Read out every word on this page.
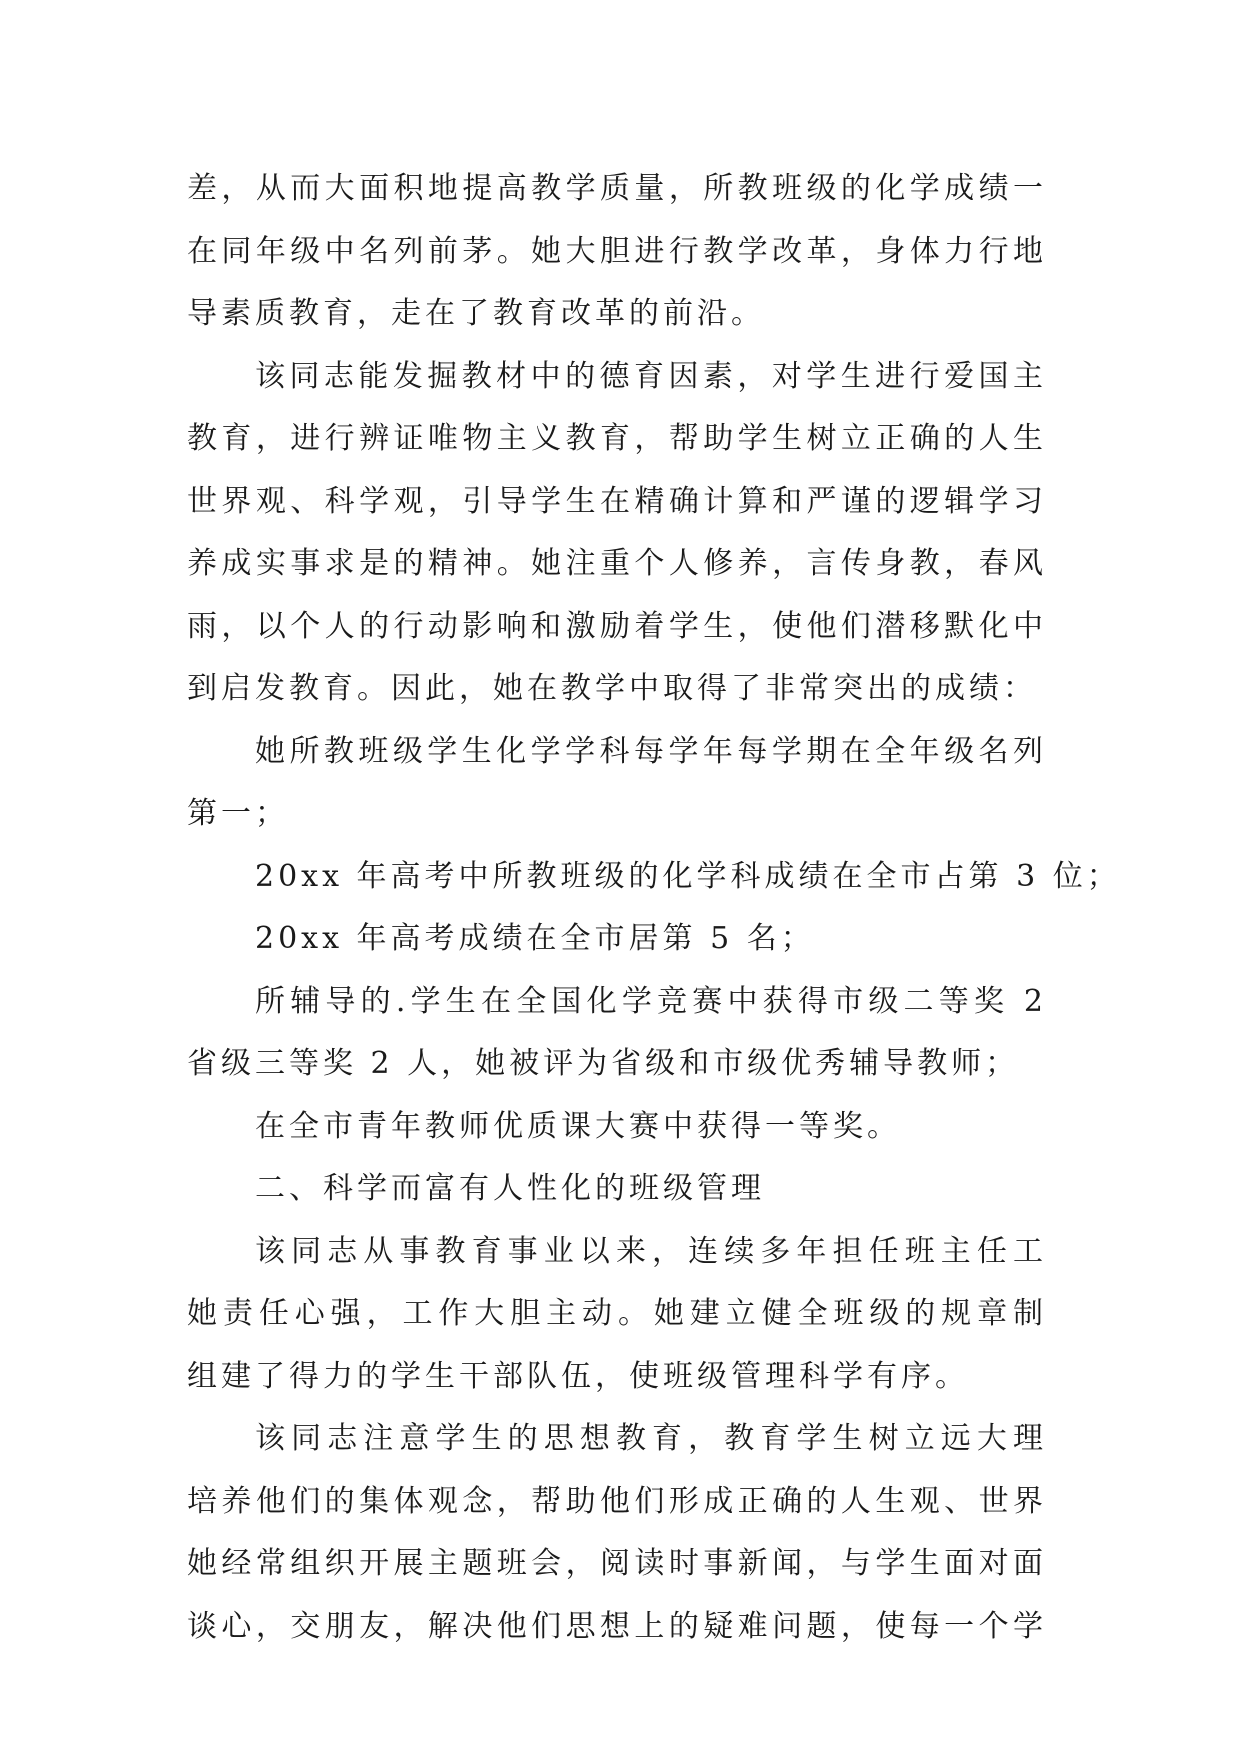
差，从而大面积地提高教学质量，所教班级的化学成绩一
在同年级中名列前茅。她大胆进行教学改革，身体力行地
导素质教育，走在了教育改革的前沿。
该同志能发掘教材中的德育因素，对学生进行爱国主
教育，进行辨证唯物主义教育，帮助学生树立正确的人生
世界观、科学观，引导学生在精确计算和严谨的逻辑学习
养成实事求是的精神。她注重个人修养，言传身教，春风
雨，以个人的行动影响和激励着学生，使他们潜移默化中
到启发教育。因此，她在教学中取得了非常突出的成绩：
她所教班级学生化学学科每学年每学期在全年级名列
第一；
20xx 年高考中所教班级的化学科成绩在全市占第 3 位；
20xx 年高考成绩在全市居第 5 名；
所辅导的.学生在全国化学竞赛中获得市级二等奖 2
省级三等奖 2 人，她被评为省级和市级优秀辅导教师；
在全市青年教师优质课大赛中获得一等奖。
二、科学而富有人性化的班级管理
该同志从事教育事业以来，连续多年担任班主任工
她责任心强，工作大胆主动。她建立健全班级的规章制
组建了得力的学生干部队伍，使班级管理科学有序。
该同志注意学生的思想教育，教育学生树立远大理
培养他们的集体观念，帮助他们形成正确的人生观、世界
她经常组织开展主题班会，阅读时事新闻，与学生面对面
谈心，交朋友，解决他们思想上的疑难问题，使每一个学
